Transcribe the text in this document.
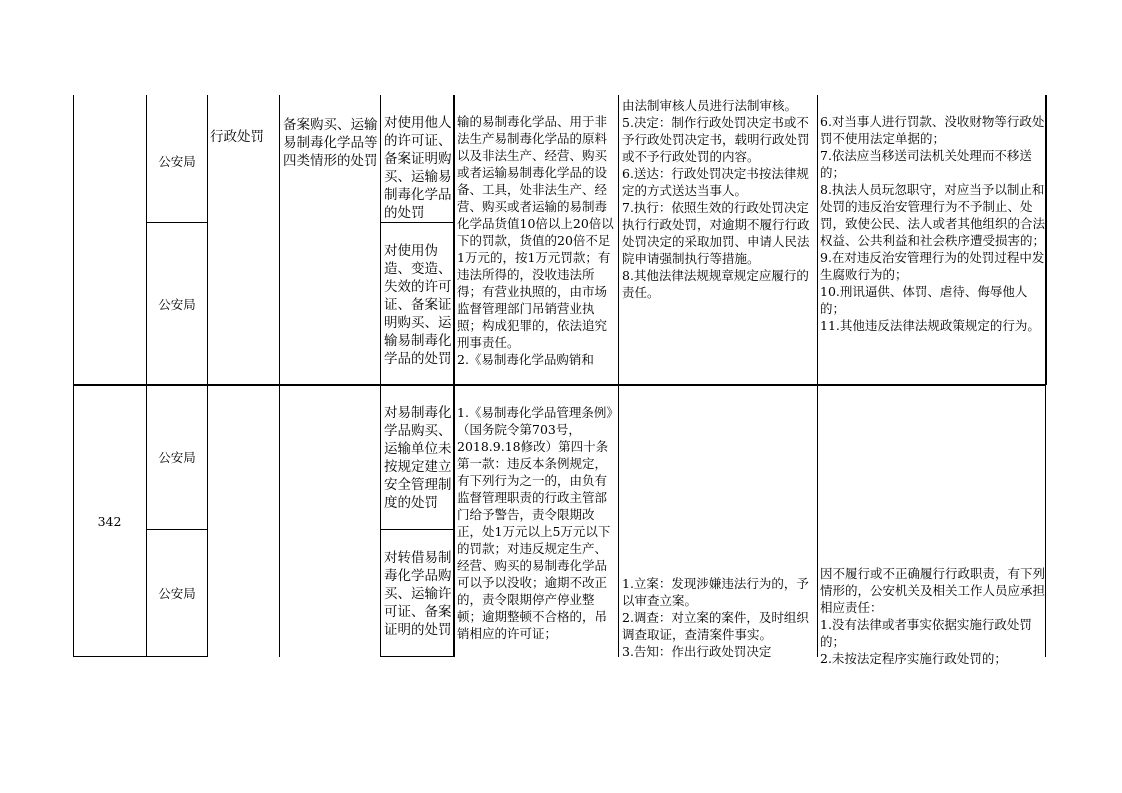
342
公安局
公安局
公安局
公安局

行政处罚

备案购买、运输易制毒化学品等四类情形的处罚

对使用他人的许可证、备案证明购买、运输易制毒化学品的处罚

对使用伪造、变造、失效的许可证、备案证明购买、运输易制毒化学品的处罚

对易制毒化学品购买、运输单位未按规定建立安全管理制度的处罚

对转借易制毒化学品购买、运输许可证、备案证明的处罚

输的易制毒化学品、用于非法生产易制毒化学品的原料以及非法生产、经营、购买或者运输易制毒化学品的设备、工具，处非法生产、经营、购买或者运输的易制毒化学品货值10倍以上20倍以下的罚款，货值的20倍不足1万元的，按1万元罚款；有违法所得的，没收违法所得；有营业执照的，由市场监督管理部门吊销营业执照；构成犯罪的，依法追究刑事责任。
2.《易制毒化学品购销和

1.《易制毒化学品管理条例》（国务院令第703号，2018.9.18修改）第四十条第一款：违反本条例规定，有下列行为之一的，由负有监督管理职责的行政主管部门给予警告，责令限期改正，处1万元以上5万元以下的罚款；对违反规定生产、经营、购买的易制毒化学品可以予以没收；逾期不改正的，责令限期停产停业整顿；逾期整顿不合格的，吊销相应的许可证；

由法制审核人员进行法制审核。
5.决定：制作行政处罚决定书或不予行政处罚决定书，载明行政处罚或不予行政处罚的内容。
6.送达：行政处罚决定书按法律规定的方式送达当事人。
7.执行：依照生效的行政处罚决定执行行政处罚，对逾期不履行行政处罚决定的采取加罚、申请人民法院申请强制执行等措施。
8.其他法律法规规章规定应履行的责任。

1.立案：发现涉嫌违法行为的，予以审查立案。
2.调查：对立案的案件，及时组织调查取证，查清案件事实。
3.告知：作出行政处罚决定

6.对当事人进行罚款、没收财物等行政处罚不使用法定单据的；
7.依法应当移送司法机关处理而不移送的；
8.执法人员玩忽职守，对应当予以制止和处罚的违反治安管理行为不予制止、处罚，致使公民、法人或者其他组织的合法权益、公共利益和社会秩序遭受损害的；
9.在对违反治安管理行为的处罚过程中发生腐败行为的；
10.刑讯逼供、体罚、虐待、侮辱他人的；
11.其他违反法律法规政策规定的行为。

因不履行或不正确履行行政职责，有下列情形的，公安机关及相关工作人员应承担相应责任：
1.没有法律或者事实依据实施行政处罚的；
2.未按法定程序实施行政处罚的；
